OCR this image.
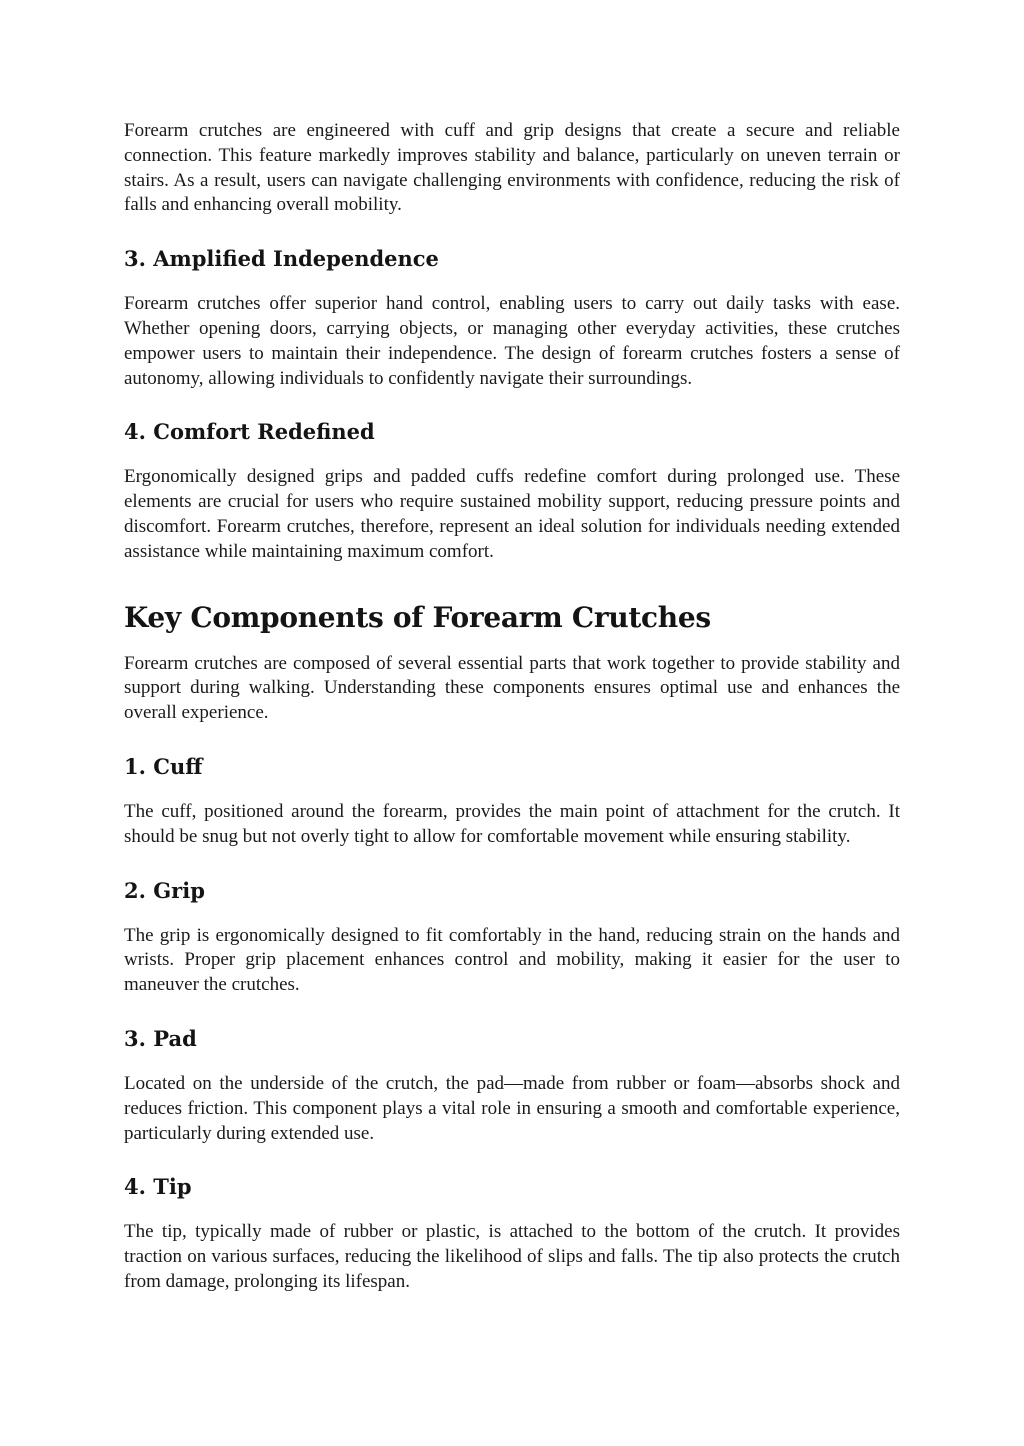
Forearm crutches are engineered with cuff and grip designs that create a secure and reliable connection. This feature markedly improves stability and balance, particularly on uneven terrain or stairs. As a result, users can navigate challenging environments with confidence, reducing the risk of falls and enhancing overall mobility.

3. Amplified Independence

Forearm crutches offer superior hand control, enabling users to carry out daily tasks with ease. Whether opening doors, carrying objects, or managing other everyday activities, these crutches empower users to maintain their independence. The design of forearm crutches fosters a sense of autonomy, allowing individuals to confidently navigate their surroundings.

4. Comfort Redefined

Ergonomically designed grips and padded cuffs redefine comfort during prolonged use. These elements are crucial for users who require sustained mobility support, reducing pressure points and discomfort. Forearm crutches, therefore, represent an ideal solution for individuals needing extended assistance while maintaining maximum comfort.

Key Components of Forearm Crutches

Forearm crutches are composed of several essential parts that work together to provide stability and support during walking. Understanding these components ensures optimal use and enhances the overall experience.

1. Cuff

The cuff, positioned around the forearm, provides the main point of attachment for the crutch. It should be snug but not overly tight to allow for comfortable movement while ensuring stability.

2. Grip

The grip is ergonomically designed to fit comfortably in the hand, reducing strain on the hands and wrists. Proper grip placement enhances control and mobility, making it easier for the user to maneuver the crutches.

3. Pad

Located on the underside of the crutch, the pad—made from rubber or foam—absorbs shock and reduces friction. This component plays a vital role in ensuring a smooth and comfortable experience, particularly during extended use.

4. Tip

The tip, typically made of rubber or plastic, is attached to the bottom of the crutch. It provides traction on various surfaces, reducing the likelihood of slips and falls. The tip also protects the crutch from damage, prolonging its lifespan.
